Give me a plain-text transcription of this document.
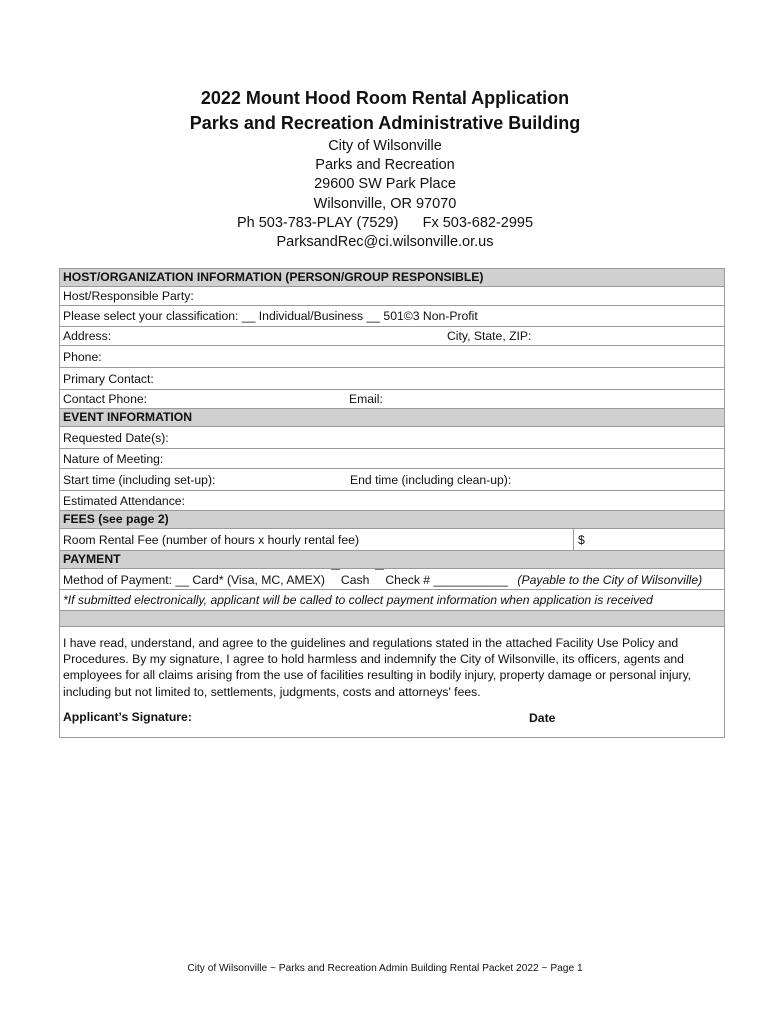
2022 Mount Hood Room Rental Application
Parks and Recreation Administrative Building
City of Wilsonville
Parks and Recreation
29600 SW Park Place
Wilsonville, OR 97070
Ph 503-783-PLAY (7529)      Fx 503-682-2995
ParksandRec@ci.wilsonville.or.us
HOST/ORGANIZATION INFORMATION (PERSON/GROUP RESPONSIBLE)
Host/Responsible Party:
Please select your classification: __ Individual/Business __ 501©3 Non-Profit
Address:	City, State, ZIP:
Phone:
Primary Contact:
Contact Phone:	Email:
EVENT INFORMATION
Requested Date(s):
Nature of Meeting:
Start time (including set-up):	End time (including clean-up):
Estimated Attendance:
FEES (see page 2)
Room Rental Fee (number of hours x hourly rental fee)	$
PAYMENT
Method of Payment: __ Card* (Visa, MC, AMEX) Cash Check # ___________ (Payable to the City of Wilsonville)
*If submitted electronically, applicant will be called to collect payment information when application is received
I have read, understand, and agree to the guidelines and regulations stated in the attached Facility Use Policy and Procedures. By my signature, I agree to hold harmless and indemnify the City of Wilsonville, its officers, agents and employees for all claims arising from the use of facilities resulting in bodily injury, property damage or personal injury, including but not limited to, settlements, judgments, costs and attorneys' fees.
Applicant’s Signature:	Date
City of Wilsonville ~ Parks and Recreation Admin Building Rental Packet 2022 ~ Page 1
